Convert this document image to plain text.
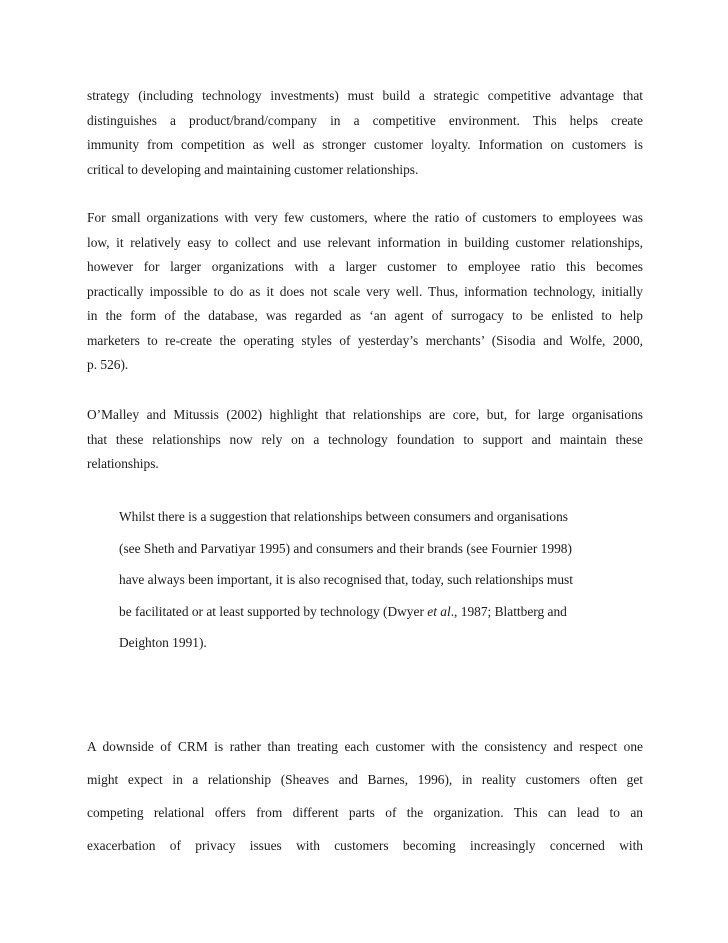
strategy (including technology investments) must build a strategic competitive advantage that
distinguishes a product/brand/company in a competitive environment. This helps create
immunity from competition as well as stronger customer loyalty. Information on customers is
critical to developing and maintaining customer relationships.

For small organizations with very few customers, where the ratio of customers to employees was
low, it relatively easy to collect and use relevant information in building customer relationships,
however for larger organizations with a larger customer to employee ratio this becomes
practically impossible to do as it does not scale very well. Thus, information technology, initially
in the form of the database, was regarded as ‘an agent of surrogacy to be enlisted to help
marketers to re-create the operating styles of yesterday’s merchants’ (Sisodia and Wolfe, 2000,
p. 526).

O’Malley and Mitussis (2002) highlight that relationships are core, but, for large organisations
that these relationships now rely on a technology foundation to support and maintain these
relationships.

Whilst there is a suggestion that relationships between consumers and organisations
(see Sheth and Parvatiyar 1995) and consumers and their brands (see Fournier 1998)
have always been important, it is also recognised that, today, such relationships must
be facilitated or at least supported by technology (Dwyer et al., 1987; Blattberg and
Deighton 1991).

A downside of CRM is rather than treating each customer with the consistency and respect one
might expect in a relationship (Sheaves and Barnes, 1996), in reality customers often get
competing relational offers from different parts of the organization. This can lead to an
exacerbation of privacy issues with customers becoming increasingly concerned with
